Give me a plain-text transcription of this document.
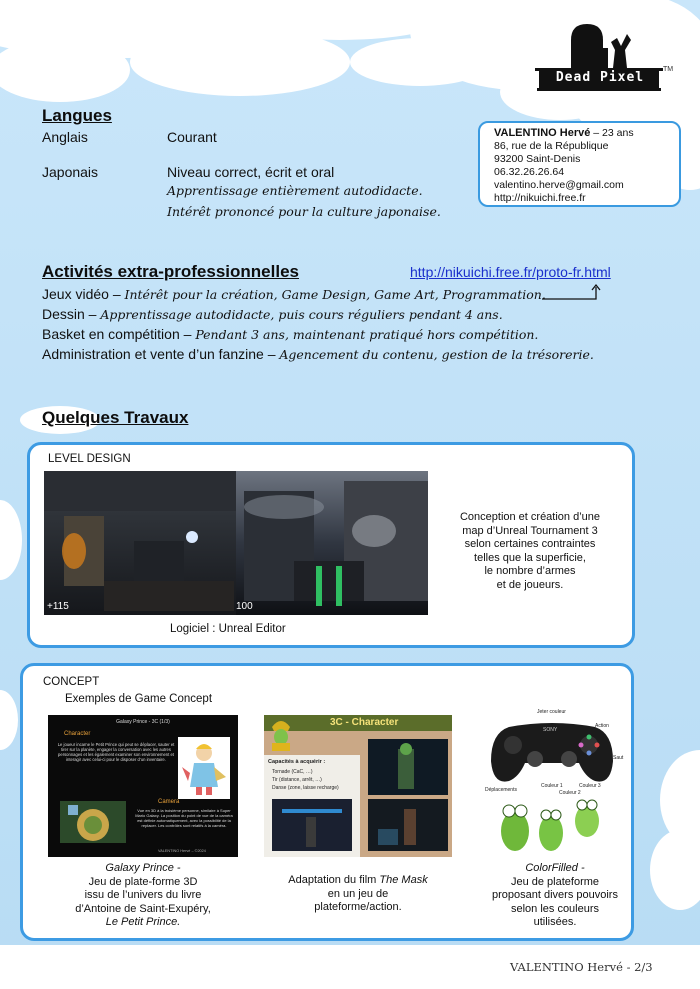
Dead Pixel
TM
Langues
Anglais	Courant
Japonais	Niveau correct, écrit et oral
Apprentissage entièrement autodidacte.
Intérêt prononcé pour la culture japonaise.
VALENTINO Hervé – 23 ans
86, rue de la République
93200 Saint-Denis
06.32.26.26.64
valentino.herve@gmail.com
http://nikuichi.free.fr
Activités extra-professionnelles	http://nikuichi.free.fr/proto-fr.html
Jeux vidéo – Intérêt pour la création, Game Design, Game Art, Programmation.
Dessin – Apprentissage autodidacte, puis cours réguliers pendant 4 ans.
Basket en compétition – Pendant 3 ans, maintenant pratiqué hors compétition.
Administration et vente d’un fanzine – Agencement du contenu, gestion de la trésorerie.
Quelques Travaux
LEVEL DESIGN
+115	100
Conception et création d’une
map d’Unreal Tournament 3
selon certaines contraintes
telles que la superficie,
le nombre d’armes
et de joueurs.
Logiciel : Unreal Editor
CONCEPT
Exemples de Game Concept
Galaxy Prince - 3C (1/3)
Character
Le joueur incarne le Petit Prince qui peut se déplacer, sauter et tirer sur la planète, engager la conversation avec les autres personnages et les également examiner son environnement et interagir avec celui-ci pour le disposer d’un inventaire.
Camera
Vue en 3D à la troisième personne, similaire à Super Mario Galaxy. La position du point de vue de la caméra est définie automatiquement, avec la possibilité de la replacer. Les contrôles sont relatifs à la caméra.
VALENTINO Hervé – ©2024
Galaxy Prince -
Jeu de plate-forme 3D
issu de l’univers du livre
d’Antoine de Saint-Exupéry,
Le Petit Prince.
3C - Character
Capacités à acquérir :
Tornade (CaC, …)
Tir (distance, arrêt, …)
Danse (zone, laisse recharge)
Adaptation du film The Mask
en un jeu de
plateforme/action.
Jeter couleur
Action
Saut
SONY
Déplacements
Couleur 1
Couleur 2
Couleur 3
ColorFilled -
Jeu de plateforme
proposant divers pouvoirs
selon les couleurs
utilisées.
VALENTINO Hervé - 2/3
